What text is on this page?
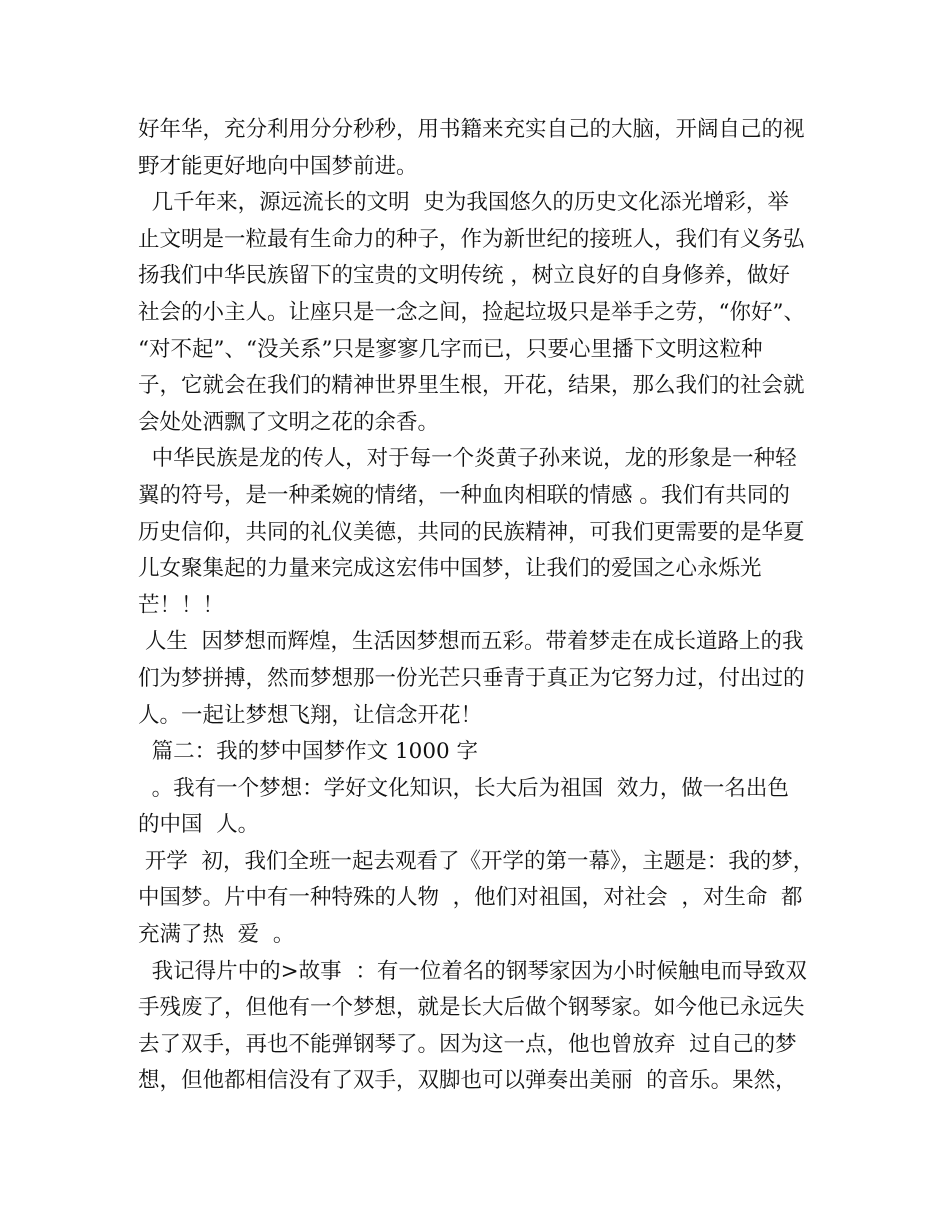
好年华，充分利用分分秒秒，用书籍来充实自己的大脑，开阔自己的视
野才能更好地向中国梦前进。
几千年来，源远流长的文明  史为我国悠久的历史文化添光增彩，举
止文明是一粒最有生命力的种子，作为新世纪的接班人，我们有义务弘
扬我们中华民族留下的宝贵的文明传统 ，树立良好的自身修养，做好
社会的小主人。让座只是一念之间，捡起垃圾只是举手之劳，“你好”、
“对不起”、“没关系”只是寥寥几字而已，只要心里播下文明这粒种
子，它就会在我们的精神世界里生根，开花，结果，那么我们的社会就
会处处洒飘了文明之花的余香。
中华民族是龙的传人，对于每一个炎黄子孙来说，龙的形象是一种轻
翼的符号，是一种柔婉的情绪，一种血肉相联的情感 。我们有共同的
历史信仰，共同的礼仪美德，共同的民族精神，可我们更需要的是华夏
儿女聚集起的力量来完成这宏伟中国梦，让我们的爱国之心永烁光
芒！！！
人生  因梦想而辉煌，生活因梦想而五彩。带着梦走在成长道路上的我
们为梦拼搏，然而梦想那一份光芒只垂青于真正为它努力过，付出过的
人。一起让梦想飞翔，让信念开花！
篇二：我的梦中国梦作文 1000 字
。我有一个梦想：学好文化知识，长大后为祖国  效力，做一名出色
的中国  人。
开学  初，我们全班一起去观看了《开学的第一幕》，主题是：我的梦，
中国梦。片中有一种特殊的人物  ，他们对祖国，对社会  ，对生命  都
充满了热  爱  。
我记得片中的>故事  ：有一位着名的钢琴家因为小时候触电而导致双
手残废了，但他有一个梦想，就是长大后做个钢琴家。如今他已永远失
去了双手，再也不能弹钢琴了。因为这一点，他也曾放弃  过自己的梦
想，但他都相信没有了双手，双脚也可以弹奏出美丽  的音乐。果然，
